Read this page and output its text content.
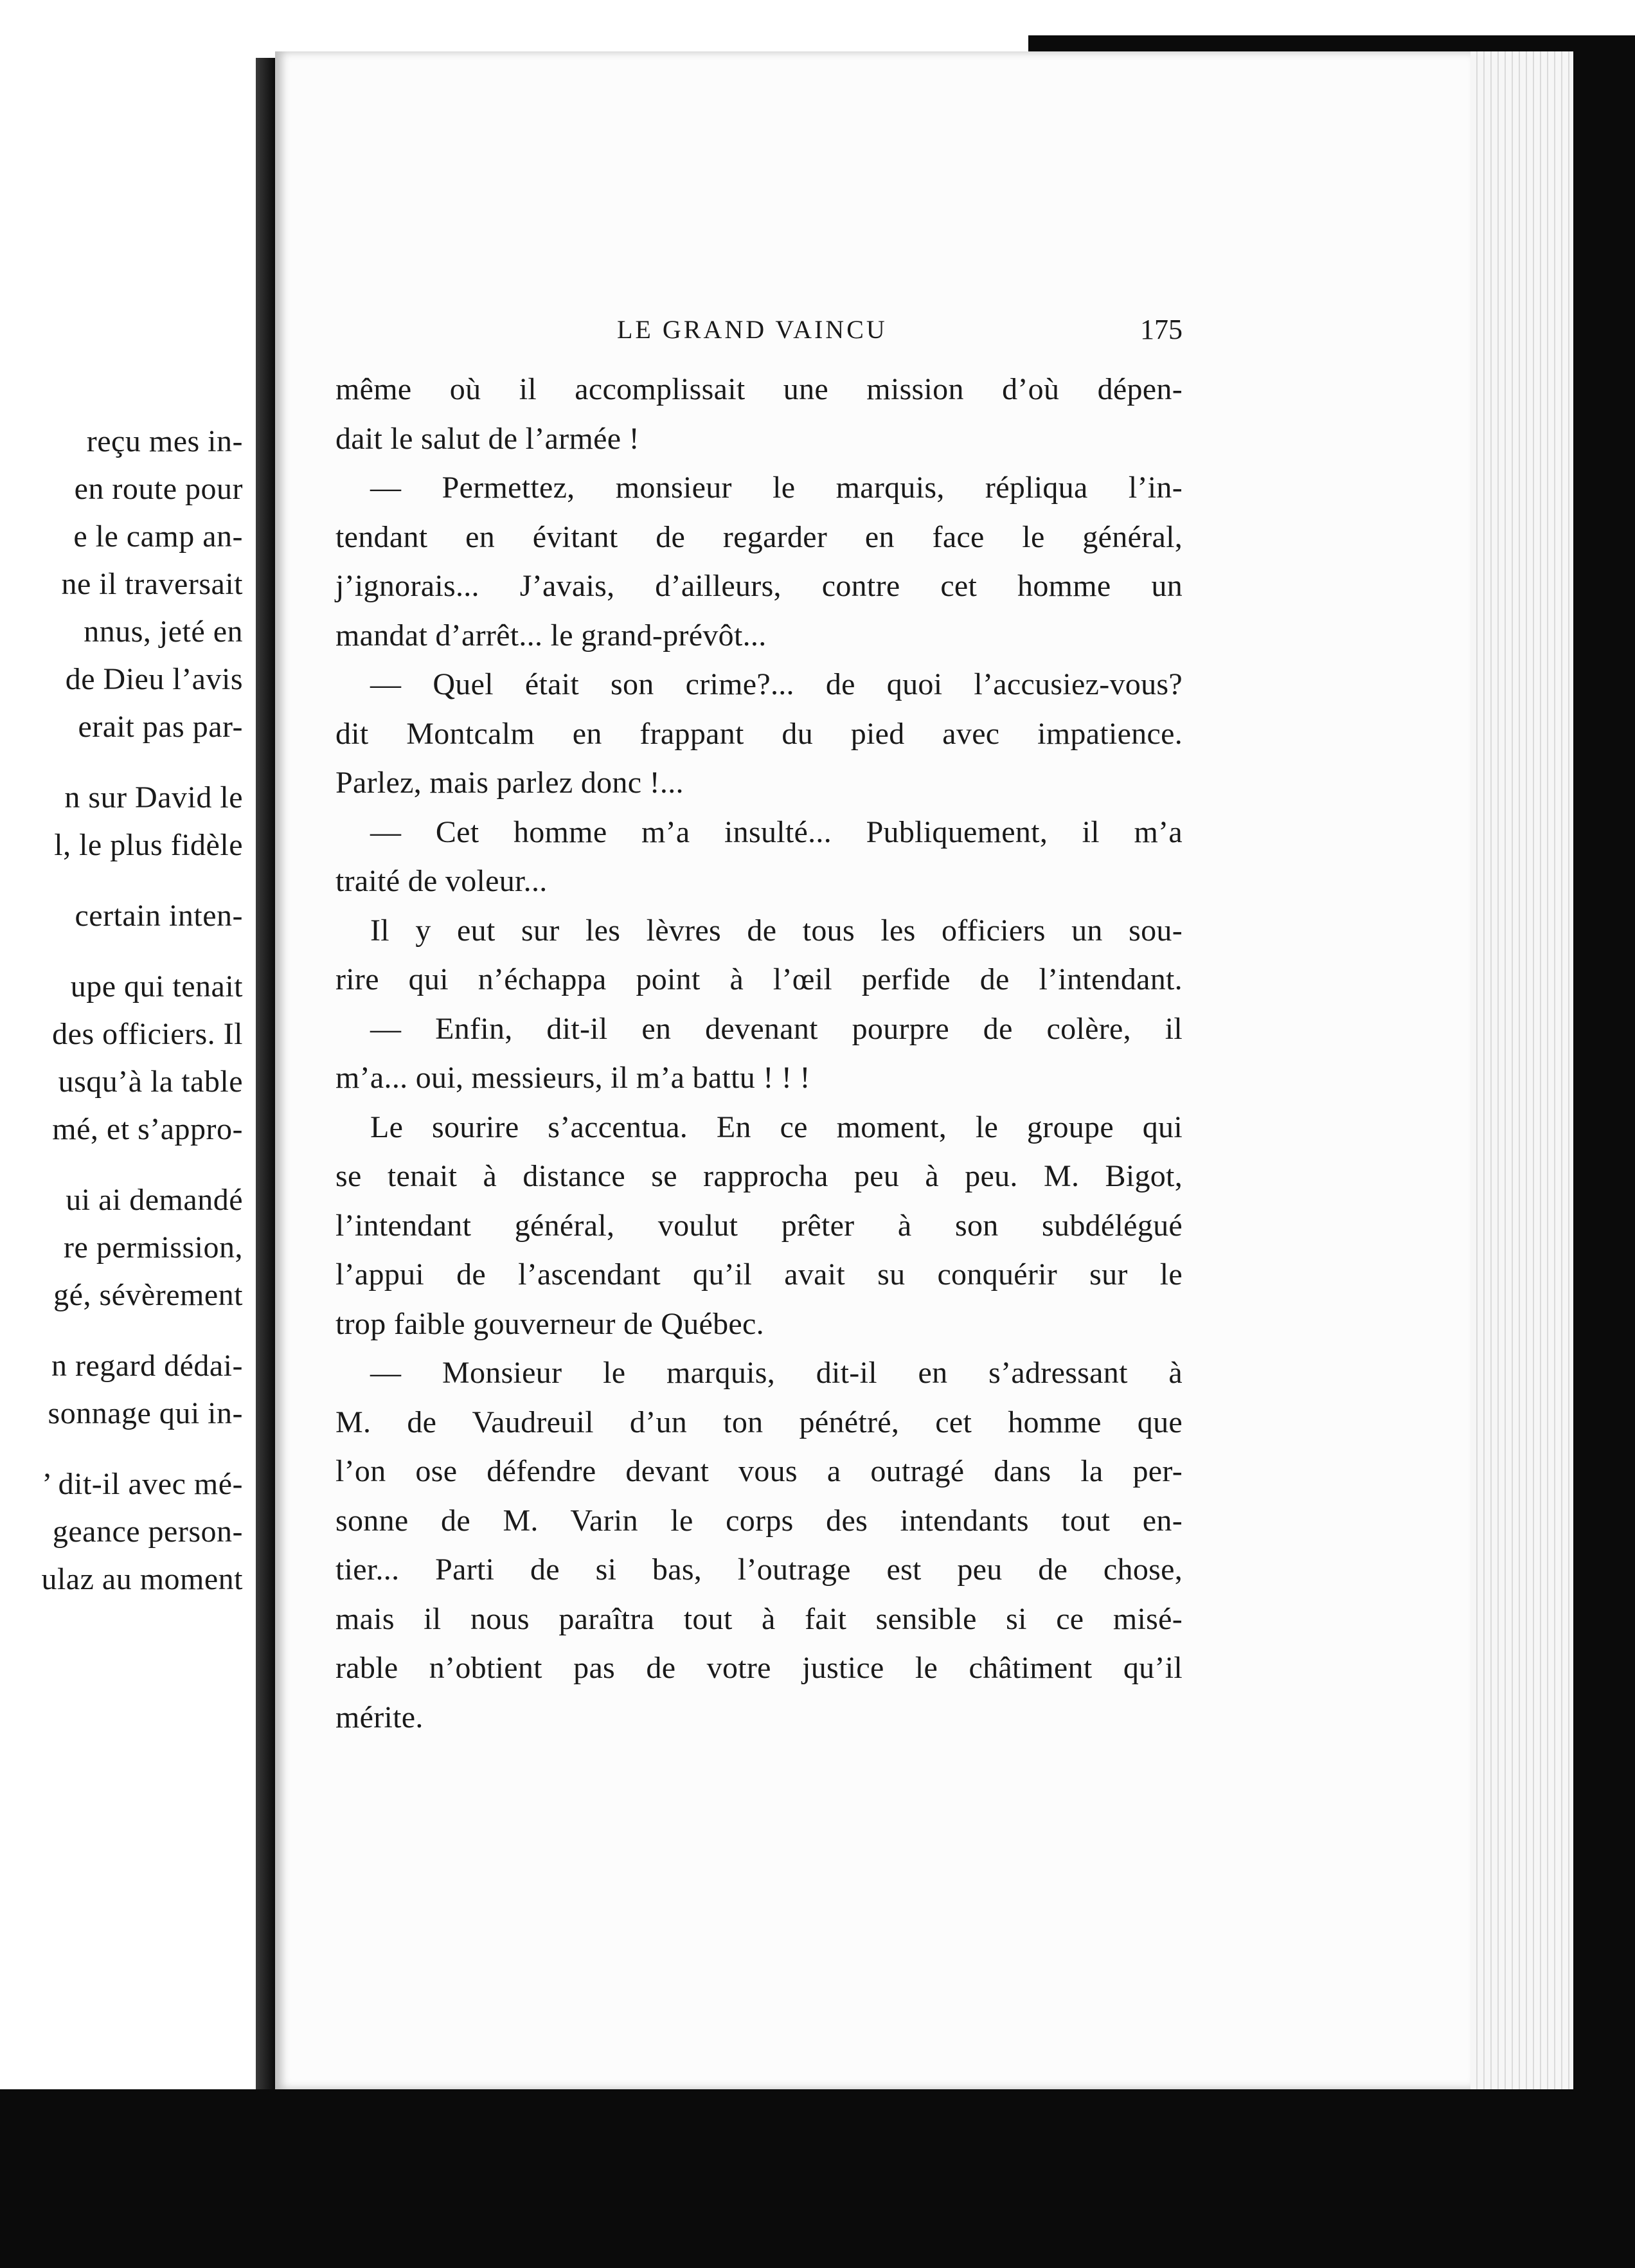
reçu mes in-
en route pour
e le camp an-
ne il traversait
nnus, jeté en
de Dieu l’avis
erait pas par-
n sur David le
l, le plus fidèle
certain inten-
upe qui tenait
des officiers. Il
usqu’à la table
mé, et s’appro-
ui ai demandé
re permission,
gé, sévèrement
n regard dédai-
sonnage qui in-
’ dit-il avec mé-
geance person-
ulaz au moment
LE GRAND VAINCU	175
même où il accomplissait une mission d’où dépen-
dait le salut de l’armée !
— Permettez, monsieur le marquis, répliqua l’in-
tendant en évitant de regarder en face le général,
j’ignorais... J’avais, d’ailleurs, contre cet homme un
mandat d’arrêt... le grand-prévôt...
— Quel était son crime?... de quoi l’accusiez-vous?
dit Montcalm en frappant du pied avec impatience.
Parlez, mais parlez donc !...
— Cet homme m’a insulté... Publiquement, il m’a
traité de voleur...
Il y eut sur les lèvres de tous les officiers un sou-
rire qui n’échappa point à l’œil perfide de l’intendant.
— Enfin, dit-il en devenant pourpre de colère, il
m’a... oui, messieurs, il m’a battu ! ! !
Le sourire s’accentua. En ce moment, le groupe qui
se tenait à distance se rapprocha peu à peu. M. Bigot,
l’intendant général, voulut prêter à son subdélégué
l’appui de l’ascendant qu’il avait su conquérir sur le
trop faible gouverneur de Québec.
— Monsieur le marquis, dit-il en s’adressant à
M. de Vaudreuil d’un ton pénétré, cet homme que
l’on ose défendre devant vous a outragé dans la per-
sonne de M. Varin le corps des intendants tout en-
tier... Parti de si bas, l’outrage est peu de chose,
mais il nous paraîtra tout à fait sensible si ce misé-
rable n’obtient pas de votre justice le châtiment qu’il
mérite.
